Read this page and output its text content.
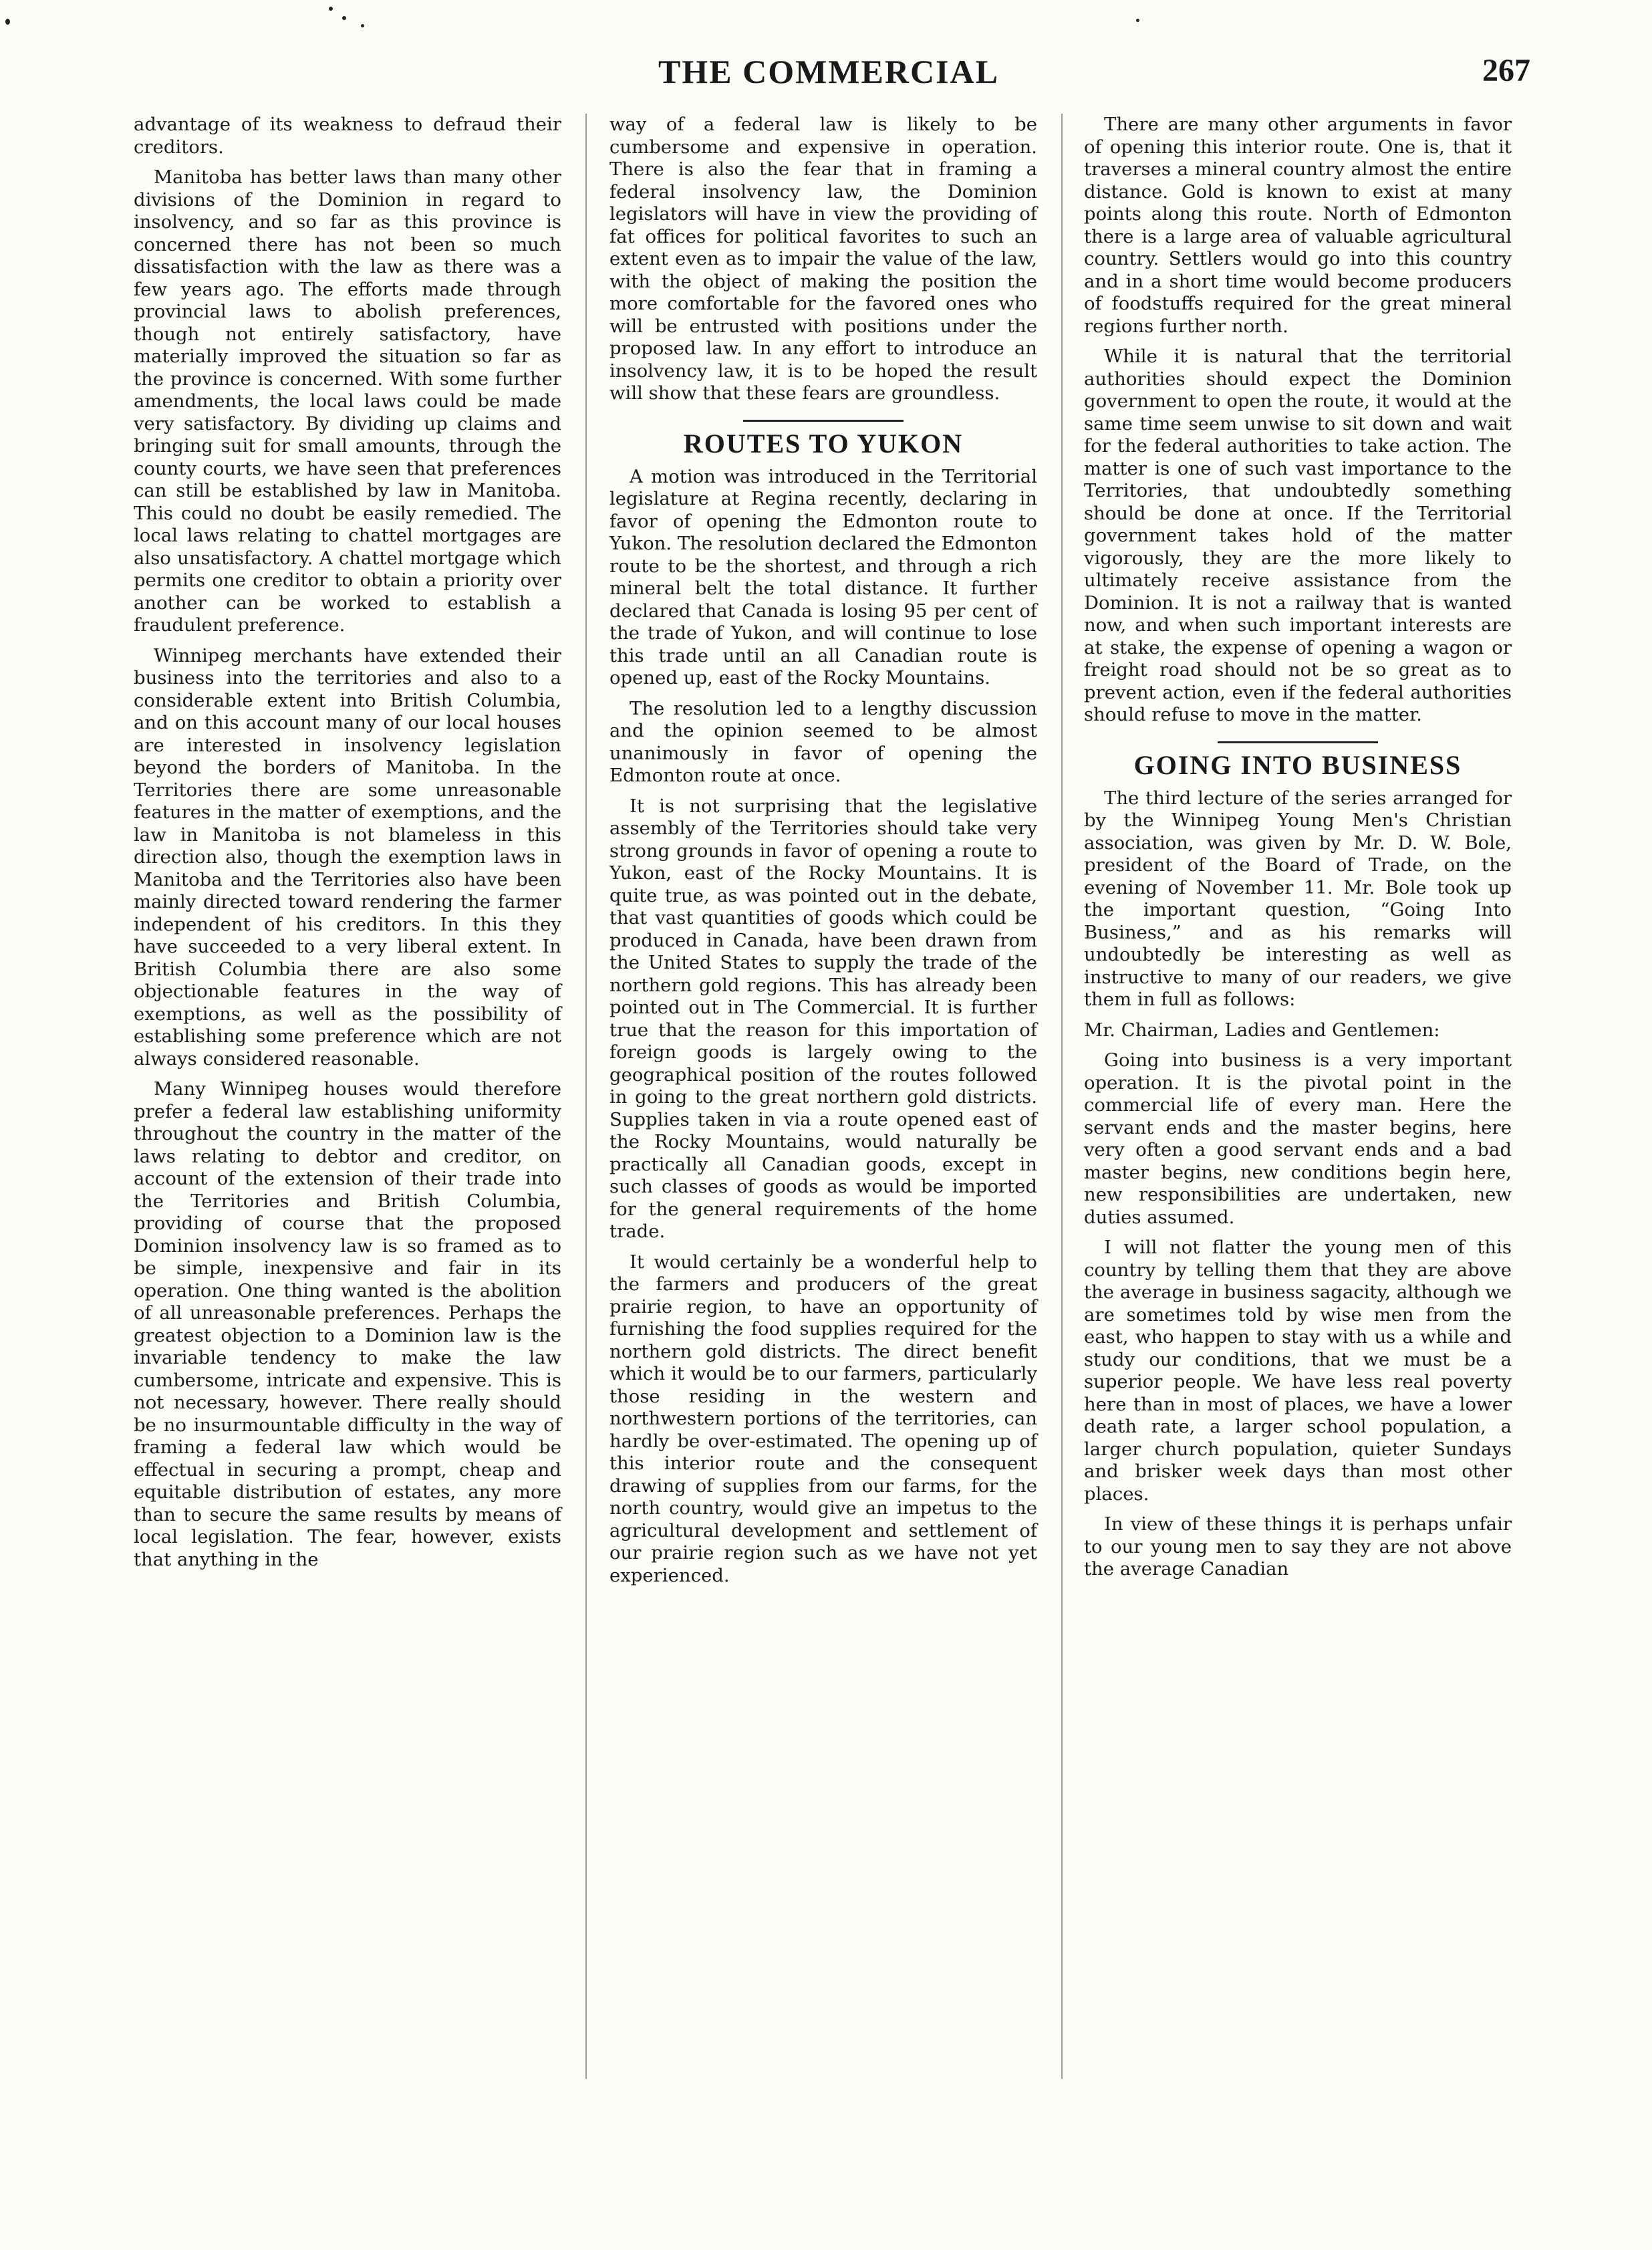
THE COMMERCIAL	267

advantage of its weakness to defraud their creditors.

Manitoba has better laws than many other divisions of the Dominion in regard to insolvency, and so far as this province is concerned there has not been so much dissatisfaction with the law as there was a few years ago. The efforts made through provincial laws to abolish preferences, though not entirely satisfactory, have materially improved the situation so far as the province is concerned. With some further amendments, the local laws could be made very satisfactory. By dividing up claims and bringing suit for small amounts, through the county courts, we have seen that preferences can still be established by law in Manitoba. This could no doubt be easily remedied. The local laws relating to chattel mortgages are also unsatisfactory. A chattel mortgage which permits one creditor to obtain a priority over another can be worked to establish a fraudulent preference.

Winnipeg merchants have extended their business into the territories and also to a considerable extent into British Columbia, and on this account many of our local houses are interested in insolvency legislation beyond the borders of Manitoba. In the Territories there are some unreasonable features in the matter of exemptions, and the law in Manitoba is not blameless in this direction also, though the exemption laws in Manitoba and the Territories also have been mainly directed toward rendering the farmer independent of his creditors. In this they have succeeded to a very liberal extent. In British Columbia there are also some objectionable features in the way of exemptions, as well as the possibility of establishing some preference which are not always considered reasonable.

Many Winnipeg houses would therefore prefer a federal law establishing uniformity throughout the country in the matter of the laws relating to debtor and creditor, on account of the extension of their trade into the Territories and British Columbia, providing of course that the proposed Dominion insolvency law is so framed as to be simple, inexpensive and fair in its operation. One thing wanted is the abolition of all unreasonable preferences. Perhaps the greatest objection to a Dominion law is the invariable tendency to make the law cumbersome, intricate and expensive. This is not necessary, however. There really should be no insurmountable difficulty in the way of framing a federal law which would be effectual in securing a prompt, cheap and equitable distribution of estates, any more than to secure the same results by means of local legislation. The fear, however, exists that anything in the

way of a federal law is likely to be cumbersome and expensive in operation. There is also the fear that in framing a federal insolvency law, the Dominion legislators will have in view the providing of fat offices for political favorites to such an extent even as to impair the value of the law, with the object of making the position the more comfortable for the favored ones who will be entrusted with positions under the proposed law. In any effort to introduce an insolvency law, it is to be hoped the result will show that these fears are groundless.

ROUTES TO YUKON

A motion was introduced in the Territorial legislature at Regina recently, declaring in favor of opening the Edmonton route to Yukon. The resolution declared the Edmonton route to be the shortest, and through a rich mineral belt the total distance. It further declared that Canada is losing 95 per cent of the trade of Yukon, and will continue to lose this trade until an all Canadian route is opened up, east of the Rocky Mountains.

The resolution led to a lengthy discussion and the opinion seemed to be almost unanimously in favor of opening the Edmonton route at once.

It is not surprising that the legislative assembly of the Territories should take very strong grounds in favor of opening a route to Yukon, east of the Rocky Mountains. It is quite true, as was pointed out in the debate, that vast quantities of goods which could be produced in Canada, have been drawn from the United States to supply the trade of the northern gold regions. This has already been pointed out in The Commercial. It is further true that the reason for this importation of foreign goods is largely owing to the geographical position of the routes followed in going to the great northern gold districts. Supplies taken in via a route opened east of the Rocky Mountains, would naturally be practically all Canadian goods, except in such classes of goods as would be imported for the general requirements of the home trade.

It would certainly be a wonderful help to the farmers and producers of the great prairie region, to have an opportunity of furnishing the food supplies required for the northern gold districts. The direct benefit which it would be to our farmers, particularly those residing in the western and northwestern portions of the territories, can hardly be over-estimated. The opening up of this interior route and the consequent drawing of supplies from our farms, for the north country, would give an impetus to the agricultural development and settlement of our prairie region such as we have not yet experienced.

There are many other arguments in favor of opening this interior route. One is, that it traverses a mineral country almost the entire distance. Gold is known to exist at many points along this route. North of Edmonton there is a large area of valuable agricultural country. Settlers would go into this country and in a short time would become producers of foodstuffs required for the great mineral regions further north.

While it is natural that the territorial authorities should expect the Dominion government to open the route, it would at the same time seem unwise to sit down and wait for the federal authorities to take action. The matter is one of such vast importance to the Territories, that undoubtedly something should be done at once. If the Territorial government takes hold of the matter vigorously, they are the more likely to ultimately receive assistance from the Dominion. It is not a railway that is wanted now, and when such important interests are at stake, the expense of opening a wagon or freight road should not be so great as to prevent action, even if the federal authorities should refuse to move in the matter.

GOING INTO BUSINESS

The third lecture of the series arranged for by the Winnipeg Young Men's Christian association, was given by Mr. D. W. Bole, president of the Board of Trade, on the evening of November 11. Mr. Bole took up the important question, “Going Into Business,” and as his remarks will undoubtedly be interesting as well as instructive to many of our readers, we give them in full as follows:

Mr. Chairman, Ladies and Gentlemen:

Going into business is a very important operation. It is the pivotal point in the commercial life of every man. Here the servant ends and the master begins, here very often a good servant ends and a bad master begins, new conditions begin here, new responsibilities are undertaken, new duties assumed.

I will not flatter the young men of this country by telling them that they are above the average in business sagacity, although we are sometimes told by wise men from the east, who happen to stay with us a while and study our conditions, that we must be a superior people. We have less real poverty here than in most of places, we have a lower death rate, a larger school population, a larger church population, quieter Sundays and brisker week days than most other places.

In view of these things it is perhaps unfair to our young men to say they are not above the average Canadian
